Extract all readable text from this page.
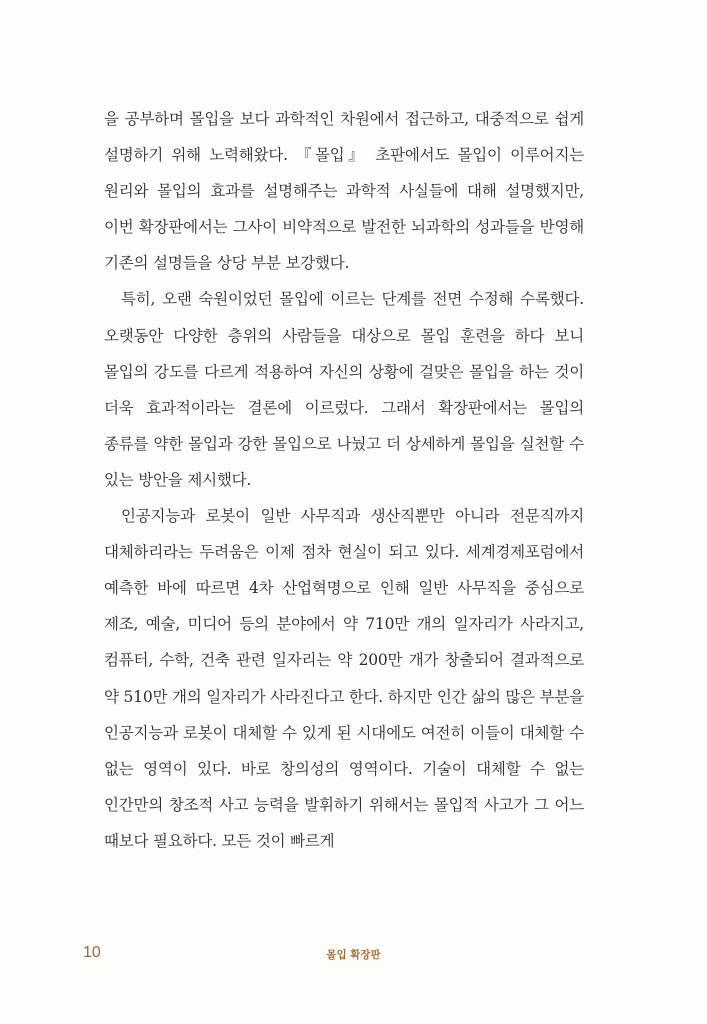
을 공부하며 몰입을 보다 과학적인 차원에서 접근하고, 대중적으로 쉽게 설명하기 위해 노력해왔다. 『몰입』 초판에서도 몰입이 이루어지는 원리와 몰입의 효과를 설명해주는 과학적 사실들에 대해 설명했지만, 이번 확장판에서는 그사이 비약적으로 발전한 뇌과학의 성과들을 반영해 기존의 설명들을 상당 부분 보강했다.

특히, 오랜 숙원이었던 몰입에 이르는 단계를 전면 수정해 수록했다. 오랫동안 다양한 층위의 사람들을 대상으로 몰입 훈련을 하다 보니 몰입의 강도를 다르게 적용하여 자신의 상황에 걸맞은 몰입을 하는 것이 더욱 효과적이라는 결론에 이르렀다. 그래서 확장판에서는 몰입의 종류를 약한 몰입과 강한 몰입으로 나눴고 더 상세하게 몰입을 실천할 수 있는 방안을 제시했다.

인공지능과 로봇이 일반 사무직과 생산직뿐만 아니라 전문직까지 대체하리라는 두려움은 이제 점차 현실이 되고 있다. 세계경제포럼에서 예측한 바에 따르면 4차 산업혁명으로 인해 일반 사무직을 중심으로 제조, 예술, 미디어 등의 분야에서 약 710만 개의 일자리가 사라지고, 컴퓨터, 수학, 건축 관련 일자리는 약 200만 개가 창출되어 결과적으로 약 510만 개의 일자리가 사라진다고 한다. 하지만 인간 삶의 많은 부분을 인공지능과 로봇이 대체할 수 있게 된 시대에도 여전히 이들이 대체할 수 없는 영역이 있다. 바로 창의성의 영역이다. 기술이 대체할 수 없는 인간만의 창조적 사고 능력을 발휘하기 위해서는 몰입적 사고가 그 어느 때보다 필요하다. 모든 것이 빠르게

10	몰입 확장판
